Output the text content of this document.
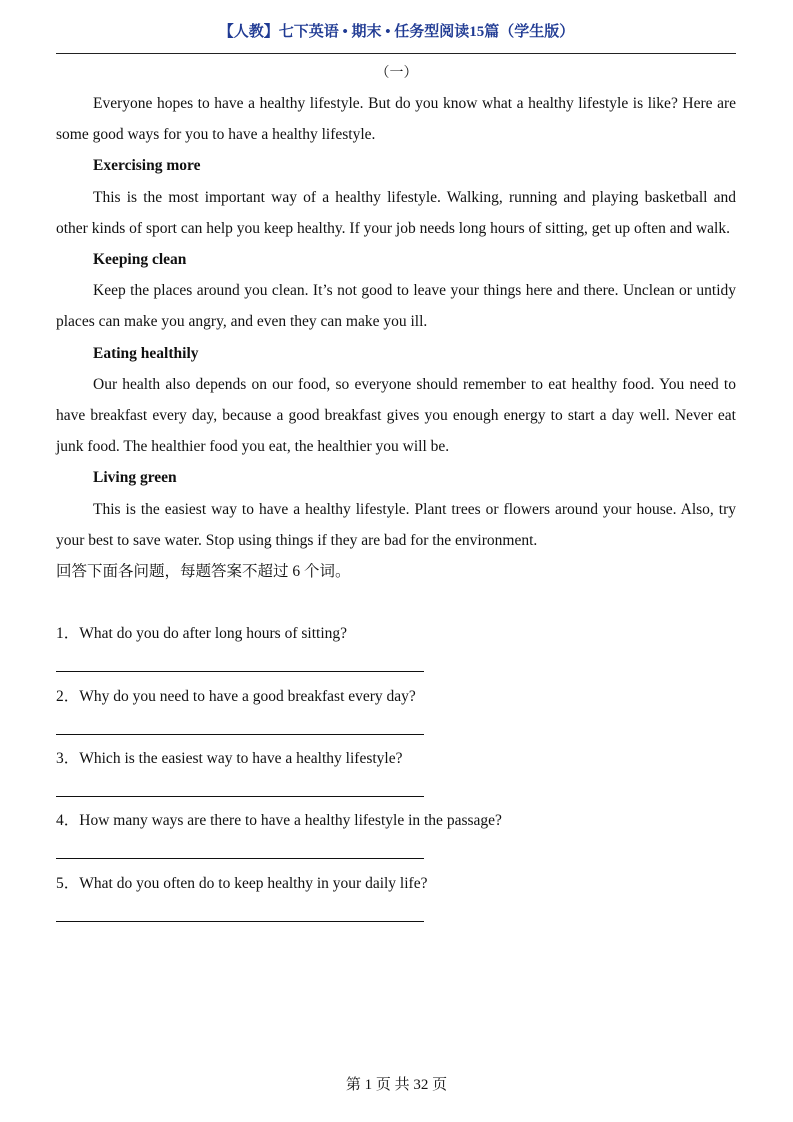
【人教】七下英语 • 期末 • 任务型阅读15篇（学生版）
（一）

Everyone hopes to have a healthy lifestyle. But do you know what a healthy lifestyle is like? Here are some good ways for you to have a healthy lifestyle.

Exercising more

This is the most important way of a healthy lifestyle. Walking, running and playing basketball and other kinds of sport can help you keep healthy. If your job needs long hours of sitting, get up often and walk.

Keeping clean

Keep the places around you clean. It’s not good to leave your things here and there. Unclean or untidy places can make you angry, and even they can make you ill.

Eating healthily

Our health also depends on our food, so everyone should remember to eat healthy food. You need to have breakfast every day, because a good breakfast gives you enough energy to start a day well. Never eat junk food. The healthier food you eat, the healthier you will be.

Living green

This is the easiest way to have a healthy lifestyle. Plant trees or flowers around your house. Also, try your best to save water. Stop using things if they are bad for the environment.

回答下面各问题，每题答案不超过 6 个词。

1．What do you do after long hours of sitting?
2．Why do you need to have a good breakfast every day?
3．Which is the easiest way to have a healthy lifestyle?
4．How many ways are there to have a healthy lifestyle in the passage?
5．What do you often do to keep healthy in your daily life?
第 1 页 共 32 页
